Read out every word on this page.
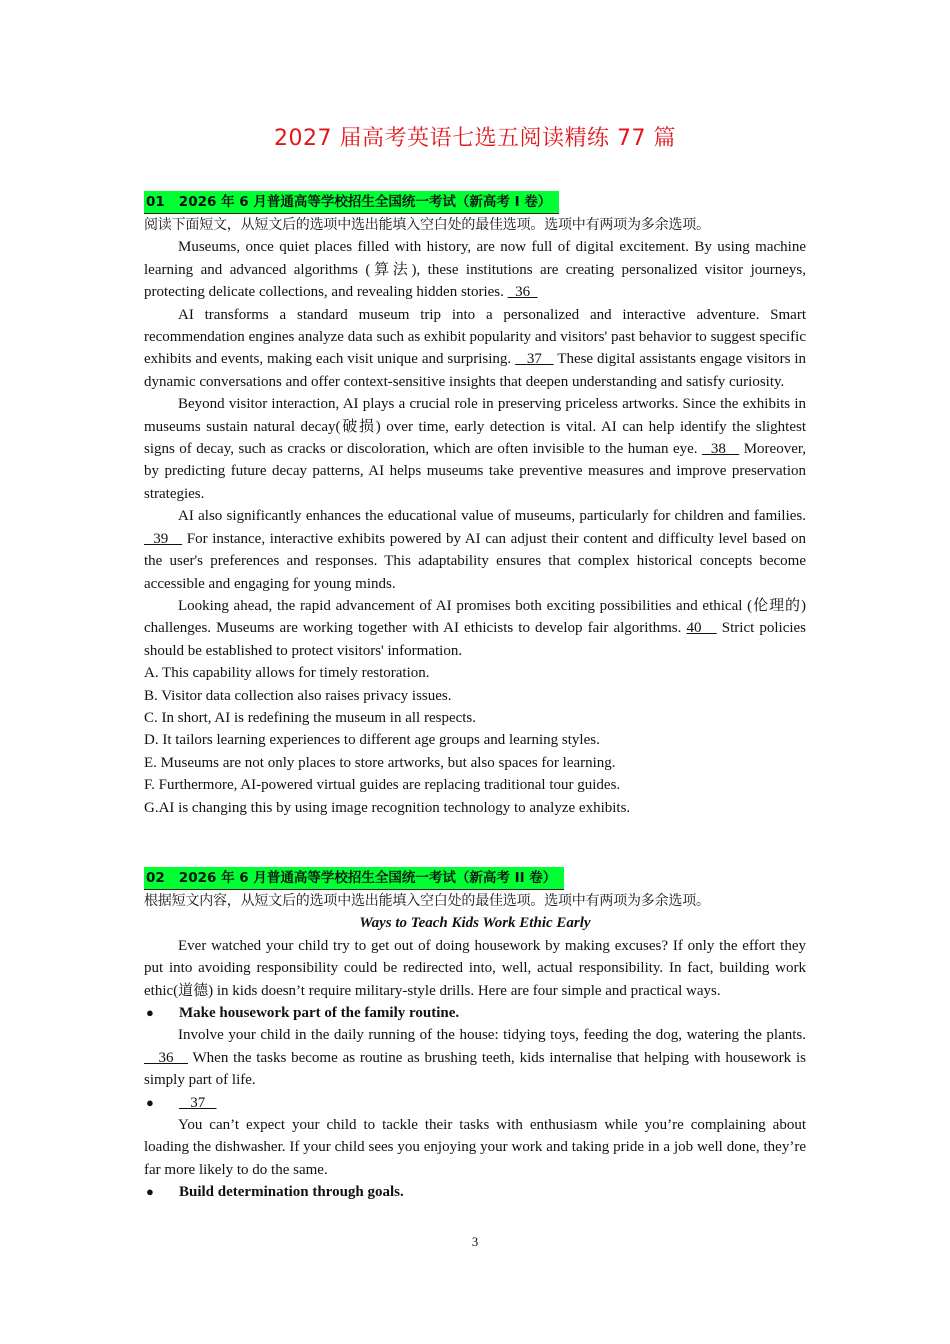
2027 届高考英语七选五阅读精练 77 篇
01 2026 年 6 月普通高等学校招生全国统一考试（新高考 I 卷）

阅读下面短文，从短文后的选项中选出能填入空白处的最佳选项。选项中有两项为多余选项。

Museums, once quiet places filled with history, are now full of digital excitement. By using machine learning and advanced algorithms (算法), these institutions are creating personalized visitor journeys, protecting delicate collections, and revealing hidden stories.   36

AI transforms a standard museum trip into a personalized and interactive adventure. Smart recommendation engines analyze data such as exhibit popularity and visitors' past behavior to suggest specific exhibits and events, making each visit unique and surprising.    37    These digital assistants engage visitors in dynamic conversations and offer context-sensitive insights that deepen understanding and satisfy curiosity.

Beyond visitor interaction, AI plays a crucial role in preserving priceless artworks. Since the exhibits in museums sustain natural decay(破损) over time, early detection is vital. AI can help identify the slightest signs of decay, such as cracks or discoloration, which are often invisible to the human eye.   38    Moreover, by predicting future decay patterns, AI helps museums take preventive measures and improve preservation strategies.

AI also significantly enhances the educational value of museums, particularly for children and families.   39    For instance, interactive exhibits powered by AI can adjust their content and difficulty level based on the user's preferences and responses. This adaptability ensures that complex historical concepts become accessible and engaging for young minds.

Looking ahead, the rapid advancement of AI promises both exciting possibilities and ethical (伦理的) challenges. Museums are working together with AI ethicists to develop fair algorithms. 40    Strict policies should be established to protect visitors' information.

A. This capability allows for timely restoration.

B. Visitor data collection also raises privacy issues.

C. In short, AI is redefining the museum in all respects.

D. It tailors learning experiences to different age groups and learning styles.

E. Museums are not only places to store artworks, but also spaces for learning.

F. Furthermore, AI-powered virtual guides are replacing traditional tour guides.

G.AI is changing this by using image recognition technology to analyze exhibits.

02 2026 年 6 月普通高等学校招生全国统一考试（新高考 II 卷）

根据短文内容，从短文后的选项中选出能填入空白处的最佳选项。选项中有两项为多余选项。

Ways to Teach Kids Work Ethic Early

Ever watched your child try to get out of doing housework by making excuses? If only the effort they put into avoiding responsibility could be redirected into, well, actual responsibility. In fact, building work ethic(道德) in kids doesn’t require military-style drills. Here are four simple and practical ways.

● Make housework part of the family routine.

Involve your child in the daily running of the house: tidying toys, feeding the dog, watering the plants.    36    When the tasks become as routine as brushing teeth, kids internalise that helping with housework is simply part of life.

● 37

You can’t expect your child to tackle their tasks with enthusiasm while you’re complaining about loading the dishwasher. If your child sees you enjoying your work and taking pride in a job well done, they’re far more likely to do the same.

● Build determination through goals.

3
